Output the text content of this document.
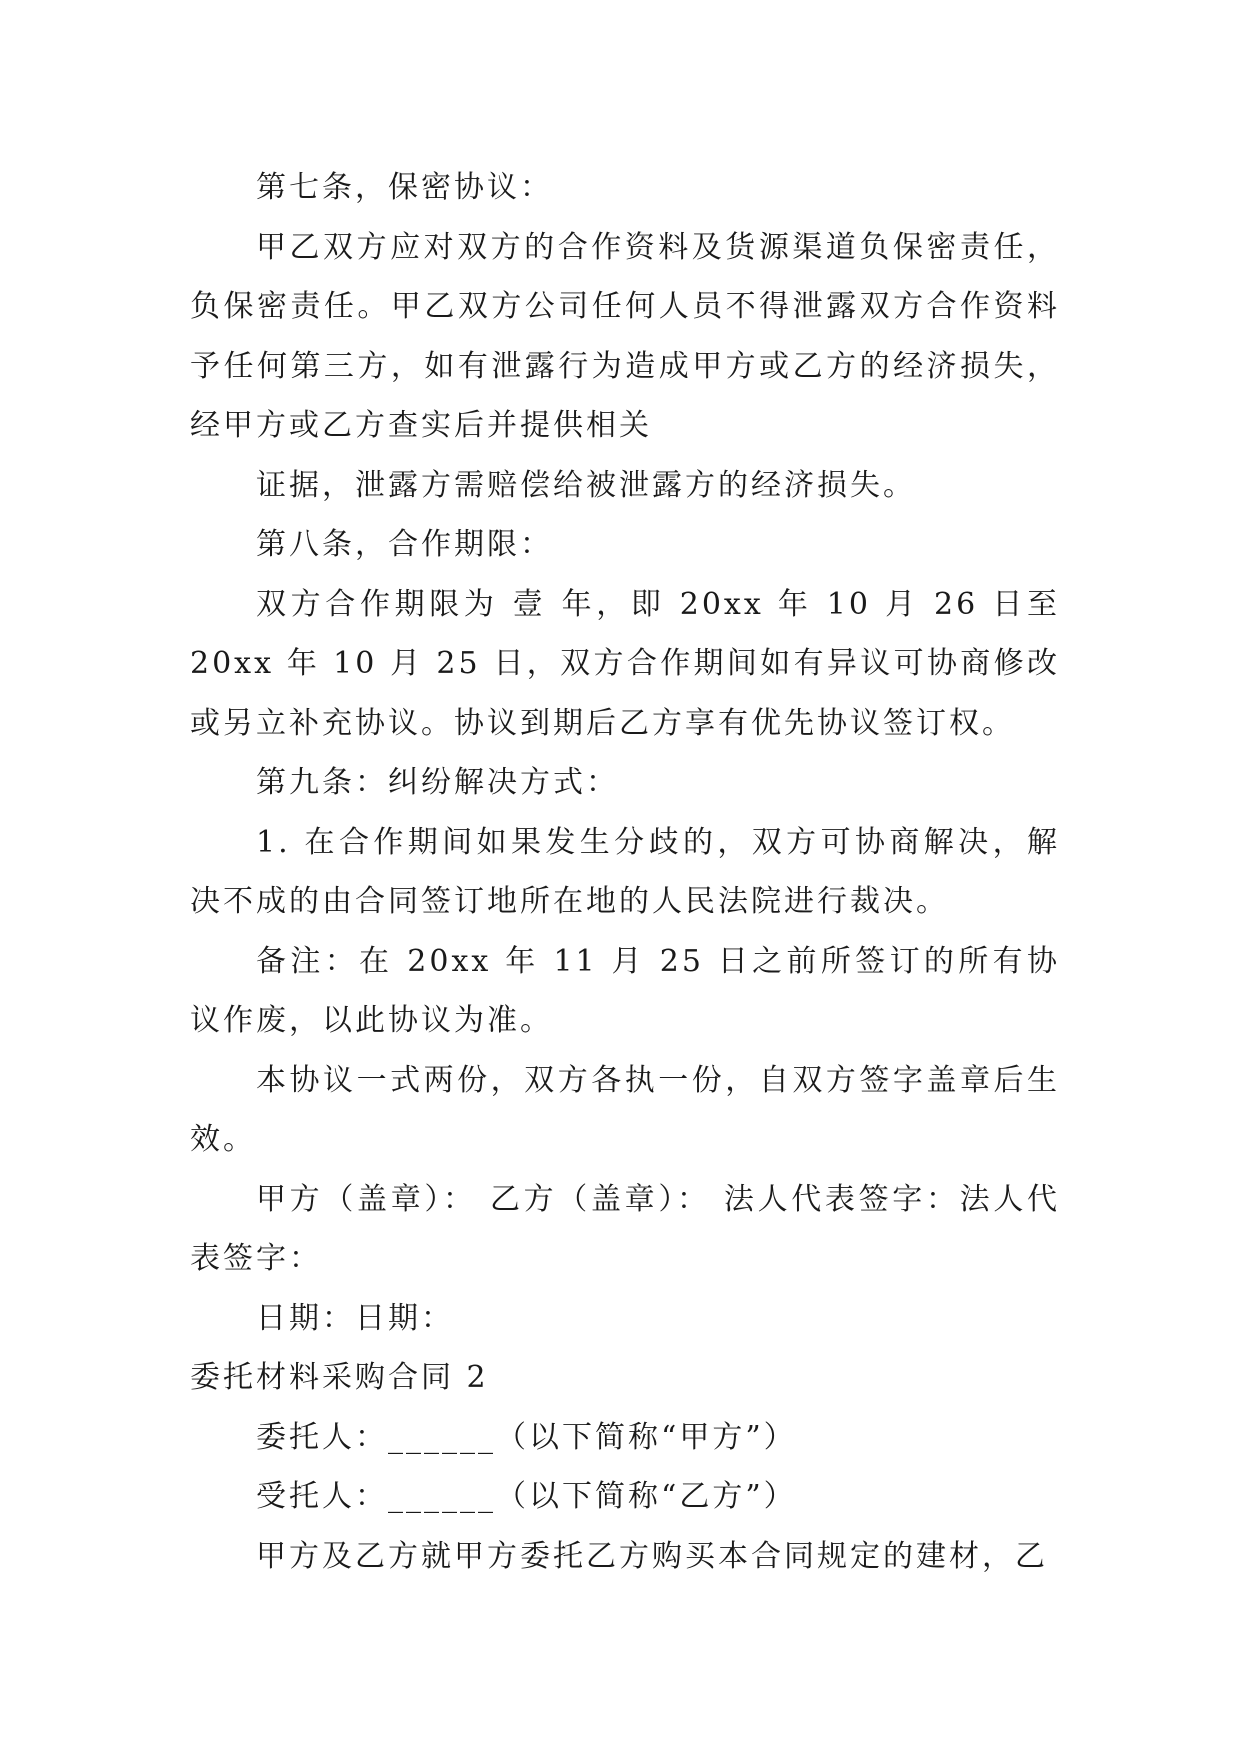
第七条，保密协议：

甲乙双方应对双方的合作资料及货源渠道负保密责任，负保密责任。甲乙双方公司任何人员不得泄露双方合作资料予任何第三方，如有泄露行为造成甲方或乙方的经济损失，经甲方或乙方查实后并提供相关

证据，泄露方需赔偿给被泄露方的经济损失。

第八条，合作期限：

双方合作期限为 壹 年，即 20xx 年 10 月 26 日至 20xx 年 10 月 25 日，双方合作期间如有异议可协商修改或另立补充协议。协议到期后乙方享有优先协议签订权。

第九条：纠纷解决方式：

1. 在合作期间如果发生分歧的，双方可协商解决，解决不成的由合同签订地所在地的人民法院进行裁决。

备注：在 20xx 年 11 月 25 日之前所签订的所有协议作废，以此协议为准。

本协议一式两份，双方各执一份，自双方签字盖章后生效。

甲方（盖章）： 乙方（盖章）： 法人代表签字：法人代表签字：

日期：日期：

委托材料采购合同 2

委托人：______（以下简称“甲方”）

受托人：______（以下简称“乙方”）

甲方及乙方就甲方委托乙方购买本合同规定的建材，乙
